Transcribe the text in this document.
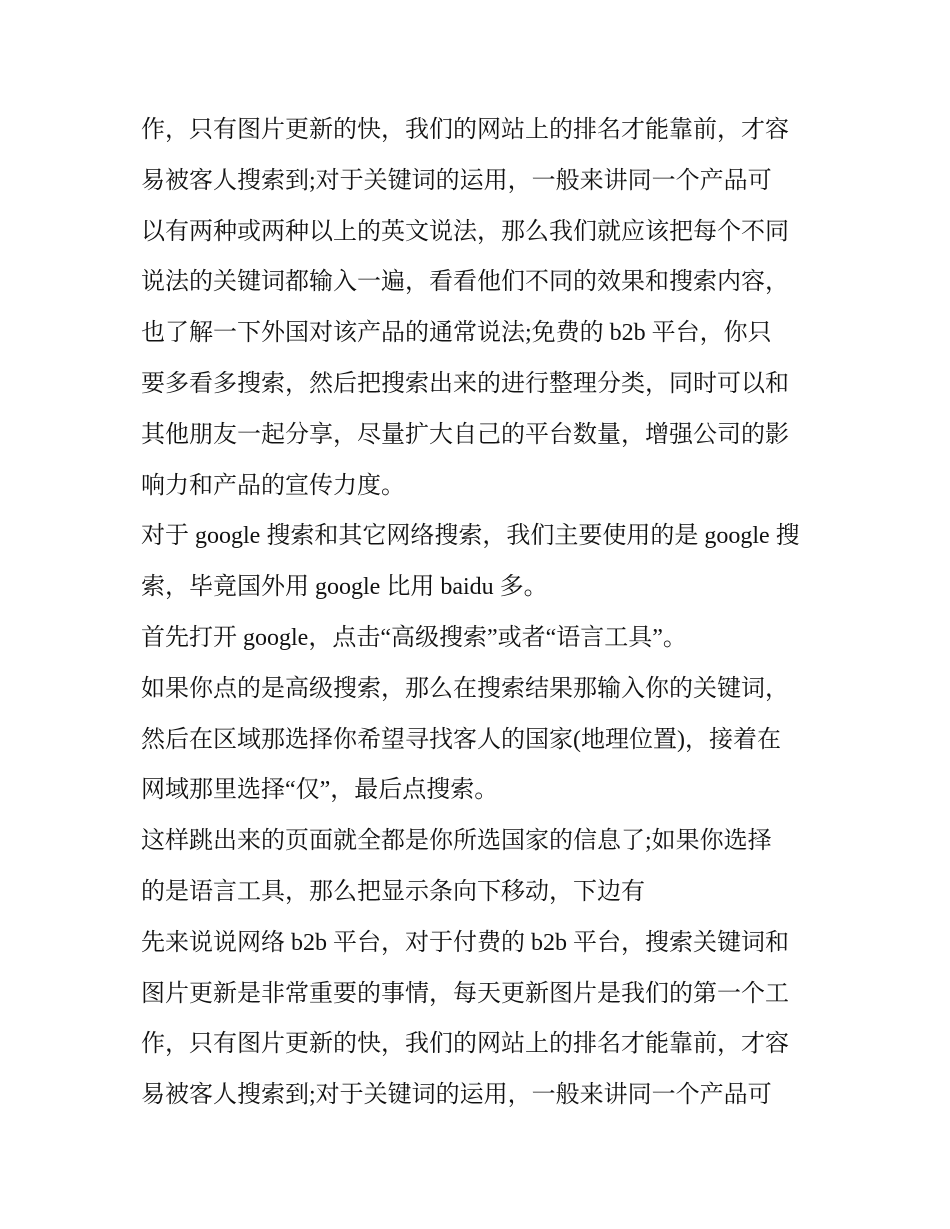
作，只有图片更新的快，我们的网站上的排名才能靠前，才容
易被客人搜索到;对于关键词的运用，一般来讲同一个产品可
以有两种或两种以上的英文说法，那么我们就应该把每个不同
说法的关键词都输入一遍，看看他们不同的效果和搜索内容，
也了解一下外国对该产品的通常说法;免费的 b2b 平台，你只
要多看多搜索，然后把搜索出来的进行整理分类，同时可以和
其他朋友一起分享，尽量扩大自己的平台数量，增强公司的影
响力和产品的宣传力度。
对于 google 搜索和其它网络搜索，我们主要使用的是 google 搜
索，毕竟国外用 google 比用 baidu 多。
首先打开 google，点击“高级搜索”或者“语言工具”。
如果你点的是高级搜索，那么在搜索结果那输入你的关键词，
然后在区域那选择你希望寻找客人的国家(地理位置)，接着在
网域那里选择“仅”，最后点搜索。
这样跳出来的页面就全都是你所选国家的信息了;如果你选择
的是语言工具，那么把显示条向下移动，下边有
先来说说网络 b2b 平台，对于付费的 b2b 平台，搜索关键词和
图片更新是非常重要的事情，每天更新图片是我们的第一个工
作，只有图片更新的快，我们的网站上的排名才能靠前，才容
易被客人搜索到;对于关键词的运用，一般来讲同一个产品可
